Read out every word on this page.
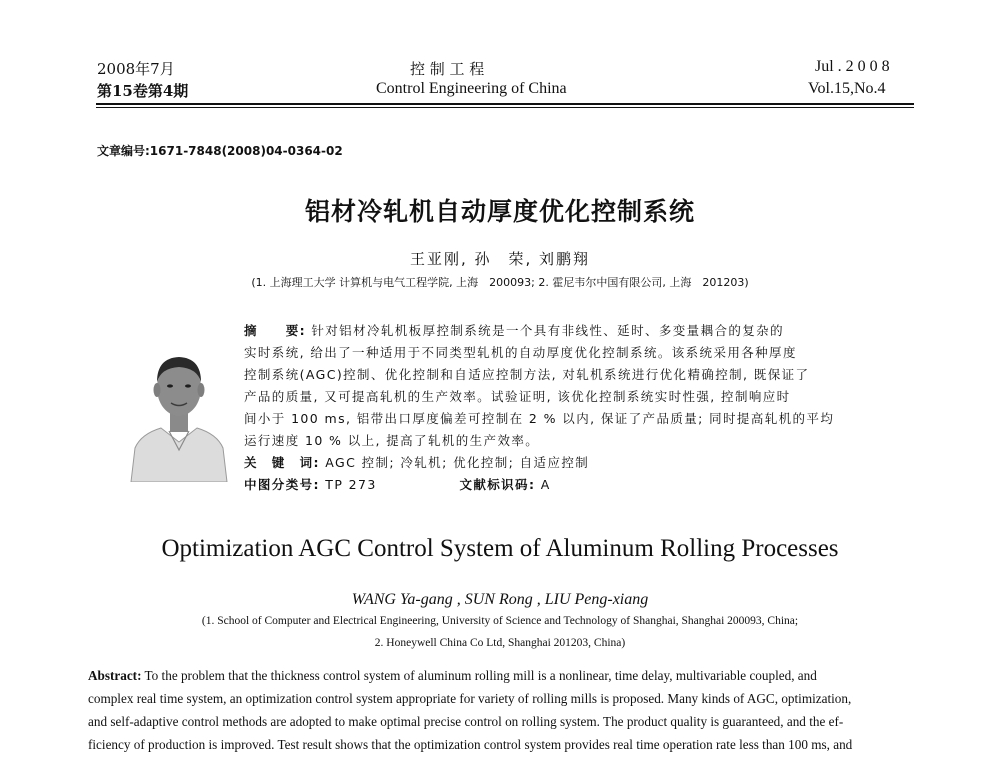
2008年7月
第15卷第4期
控 制 工 程
Control Engineering of China
Jul . 2 0 0 8
Vol.15,No.4
文章编号:1671-7848(2008)04-0364-02
铝材冷轧机自动厚度优化控制系统
王亚刚, 孙　荣, 刘鹏翔
(1. 上海理工大学 计算机与电气工程学院, 上海　200093; 2. 霍尼韦尔中国有限公司, 上海　201203)
摘　　要: 针对铝材冷轧机板厚控制系统是一个具有非线性、延时、多变量耦合的复杂的
实时系统, 给出了一种适用于不同类型轧机的自动厚度优化控制系统。该系统采用各种厚度
控制系统(AGC)控制、优化控制和自适应控制方法, 对轧机系统进行优化精确控制, 既保证了
产品的质量, 又可提高轧机的生产效率。试验证明, 该优化控制系统实时性强, 控制响应时
间小于 100 ms, 铝带出口厚度偏差可控制在 2 % 以内, 保证了产品质量; 同时提高轧机的平均
运行速度 10 % 以上, 提高了轧机的生产效率。
关　键　词: AGC 控制; 冷轧机; 优化控制; 自适应控制
中图分类号: TP 273	文献标识码: A
Optimization AGC Control System of Aluminum Rolling Processes
WANG Ya-gang , SUN Rong , LIU Peng-xiang
(1. School of Computer and Electrical Engineering, University of Science and Technology of Shanghai, Shanghai 200093, China;
2. Honeywell China Co Ltd, Shanghai 201203, China)
Abstract: To the problem that the thickness control system of aluminum rolling mill is a nonlinear, time delay, multivariable coupled, and
complex real time system, an optimization control system appropriate for variety of rolling mills is proposed. Many kinds of AGC, optimization,
and self-adaptive control methods are adopted to make optimal precise control on rolling system. The product quality is guaranteed, and the ef-
ficiency of production is improved. Test result shows that the optimization control system provides real time operation rate less than 100 ms, and
